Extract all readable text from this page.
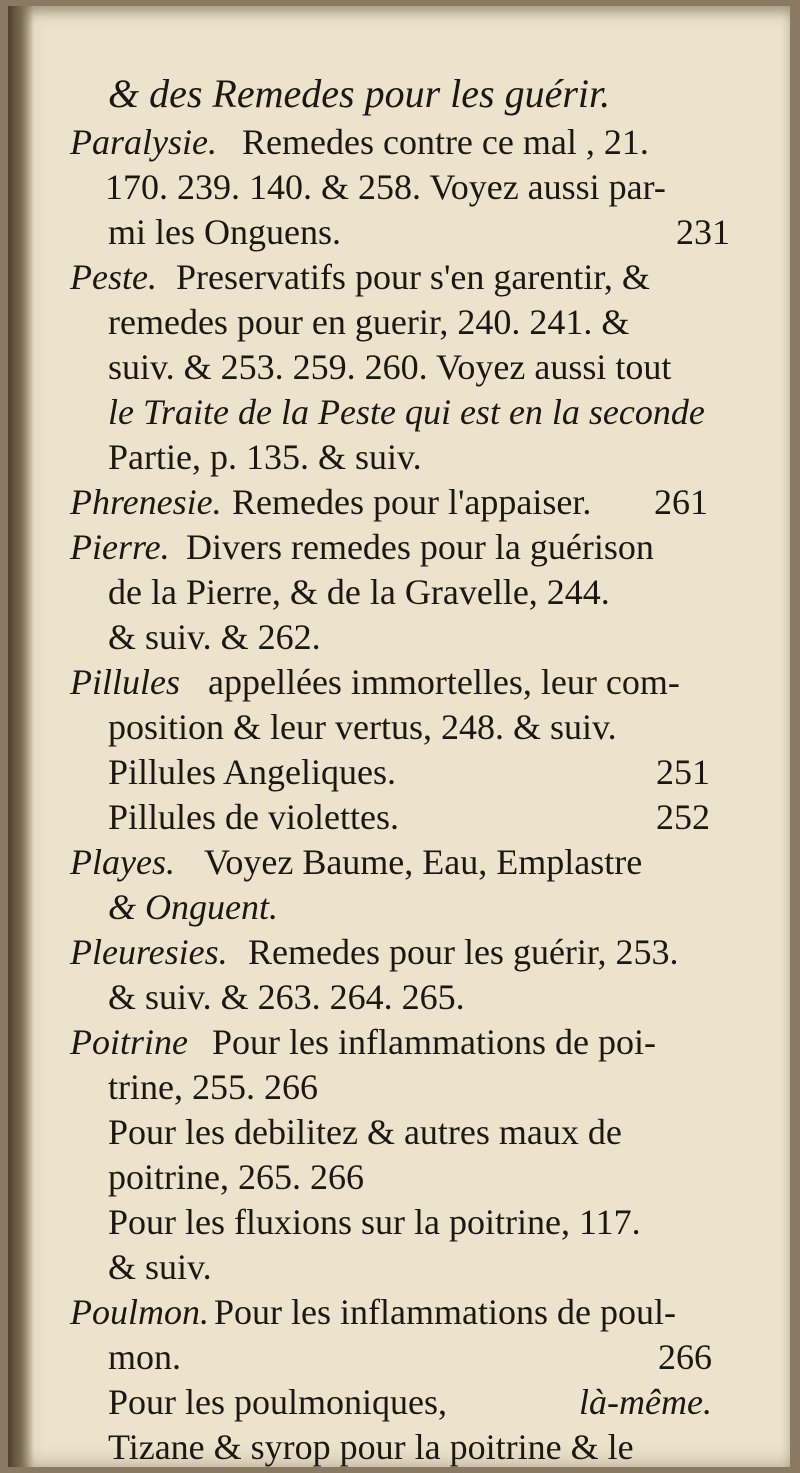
& des Remedes pour les guérir.
Paralysie. Remedes contre ce mal , 21.
170. 239. 140. & 258. Voyez aussi par-
mi les Onguens.	231
Peste. Preservatifs pour s'en garentir, &
remedes pour en guerir, 240. 241. &
suiv. & 253. 259. 260. Voyez aussi tout
le Traite de la Peste qui est en la seconde
Partie, p. 135. & suiv.
Phrenesie. Remedes pour l'appaiser. 261
Pierre. Divers remedes pour la guérison
de la Pierre, & de la Gravelle, 244.
& suiv. & 262.
Pillules appellées immortelles, leur com-
position & leur vertus, 248. & suiv.
Pillules Angeliques.	251
Pillules de violettes.	252
Playes. Voyez Baume, Eau, Emplastre
& Onguent.
Pleuresies. Remedes pour les guérir, 253.
& suiv. & 263. 264. 265.
Poitrine Pour les inflammations de poi-
trine, 255. 266
Pour les debilitez & autres maux de
poitrine, 265. 266
Pour les fluxions sur la poitrine, 117.
& suiv.
Poulmon. Pour les inflammations de poul-
mon.	266
Pour les poulmoniques,	là-même.
Tizane & syrop pour la poitrine & le
